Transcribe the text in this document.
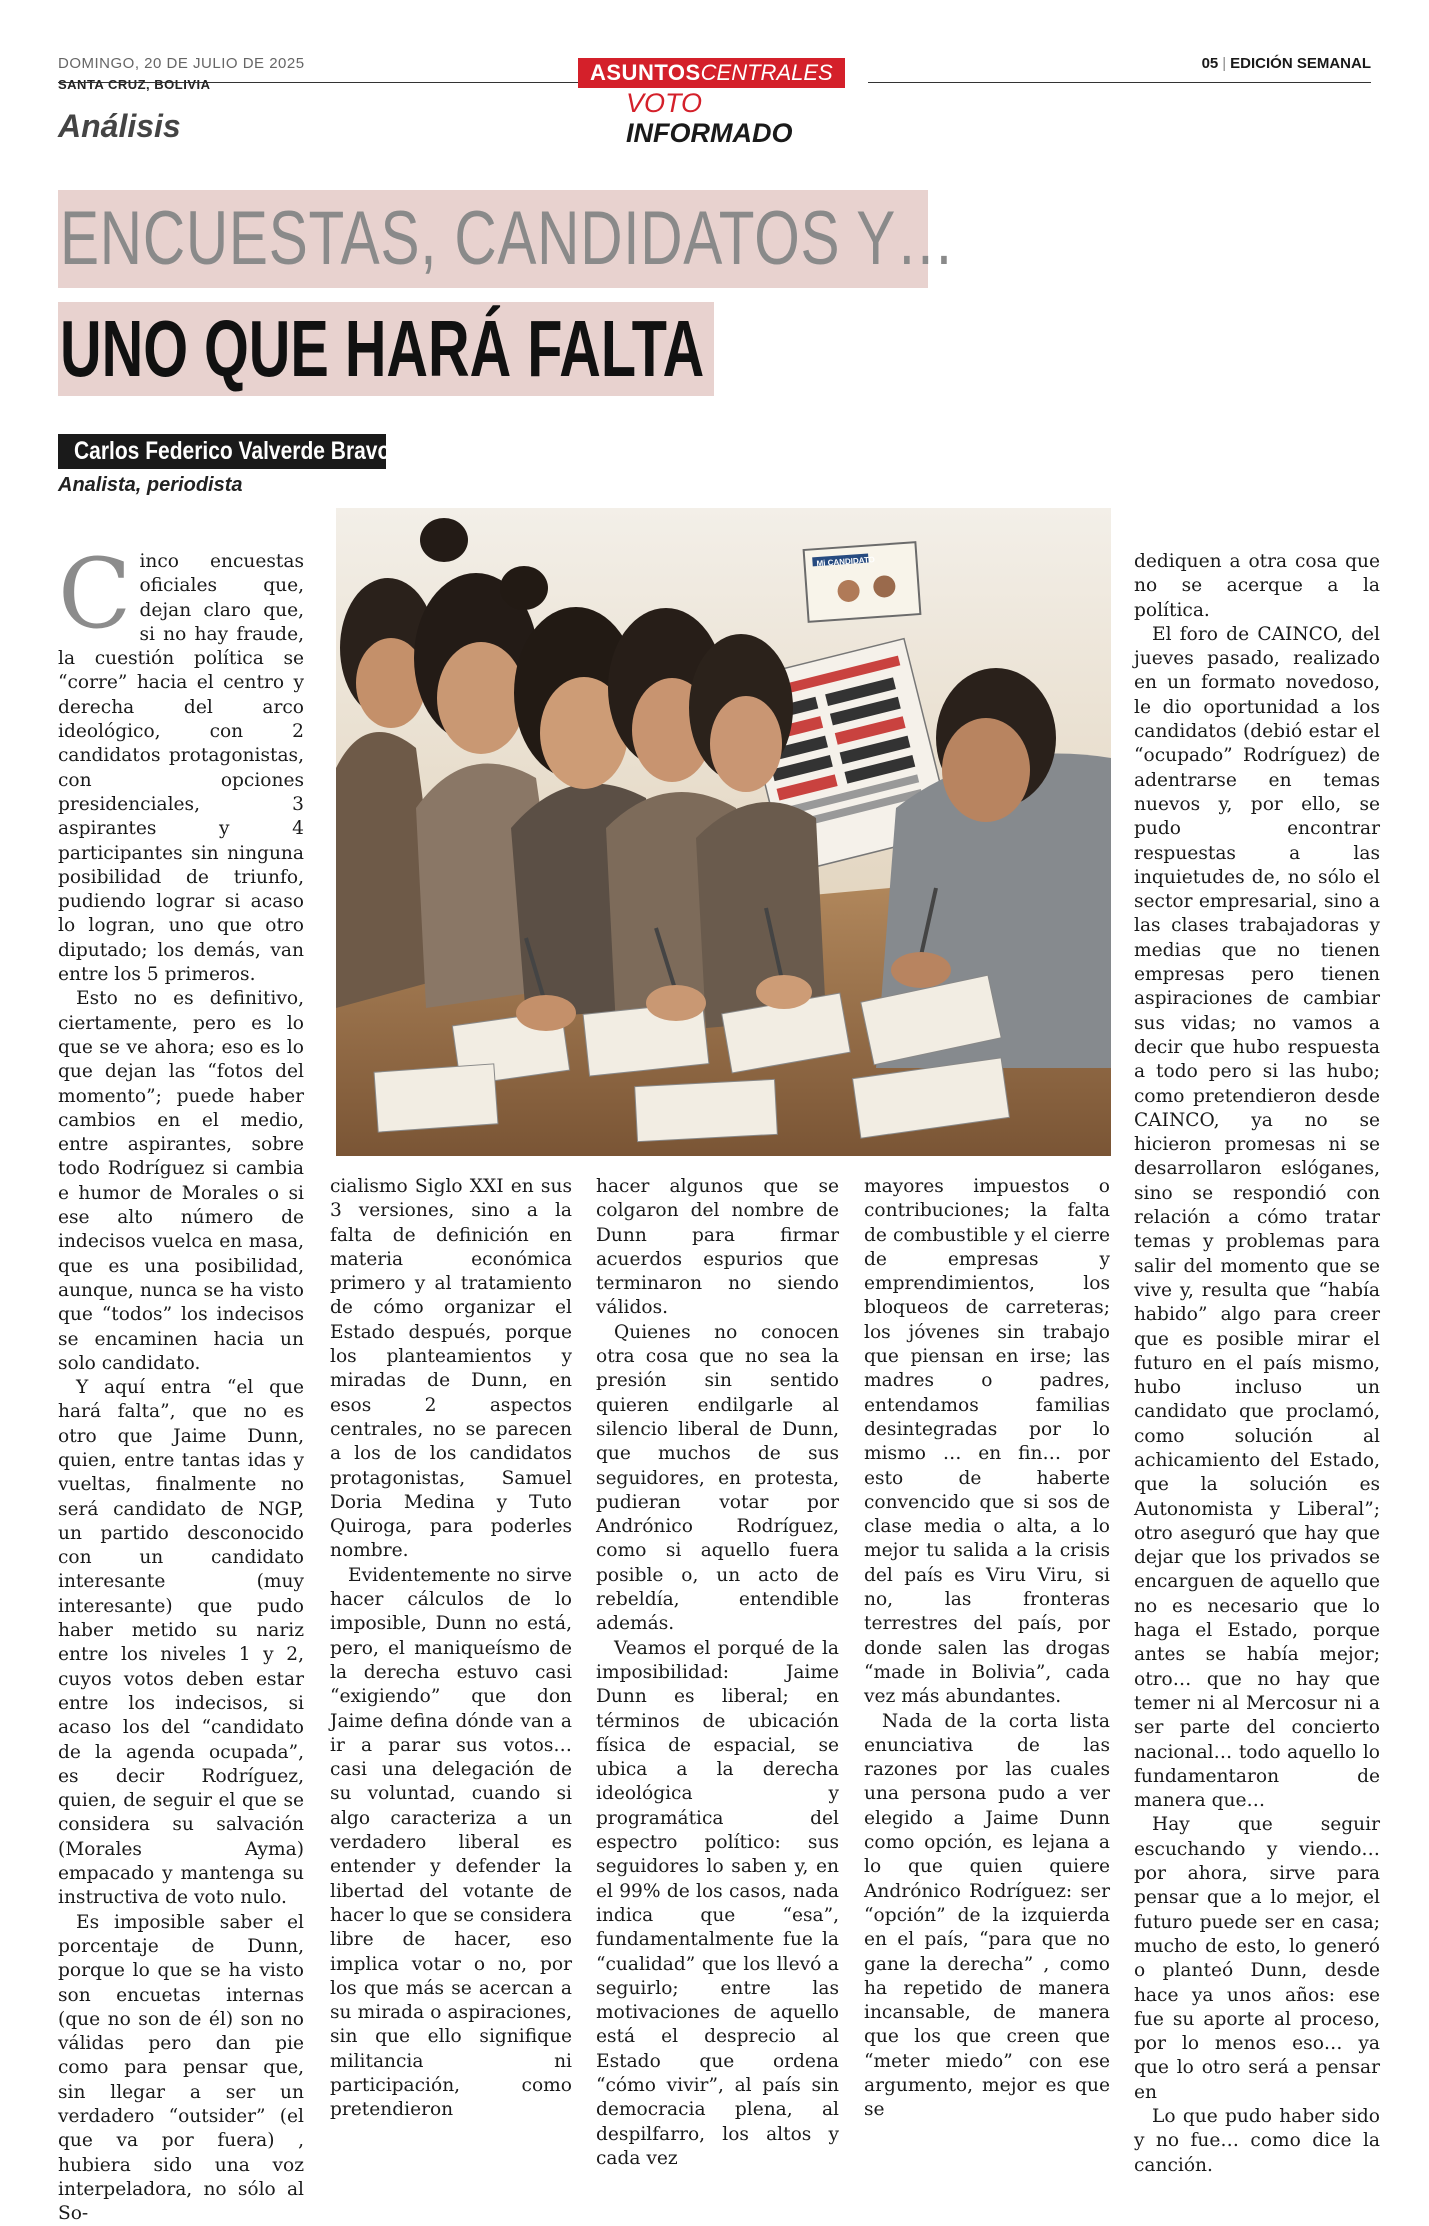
DOMINGO, 20 DE JULIO DE 2025
SANTA CRUZ, BOLIVIA	ASUNTOSCENTRALES
VOTO INFORMADO
05 | EDICIÓN SEMANAL
Análisis
ENCUESTAS, CANDIDATOS Y…
UNO QUE HARÁ FALTA
Carlos Federico Valverde Bravo
Analista, periodista
Mi CANDIDATO

Cinco encuestas oficiales que, dejan claro que, si no hay fraude, la cuestión política se “corre” hacia el centro y derecha del arco ideológico, con 2 candidatos protagonistas, con opciones presidenciales, 3 aspirantes y 4 participantes sin ninguna posibilidad de triunfo, pudiendo lograr si acaso lo logran, uno que otro diputado; los demás, van entre los 5 primeros.

Esto no es definitivo, ciertamente, pero es lo que se ve ahora; eso es lo que dejan las “fotos del momento”; puede haber cambios en el medio, entre aspirantes, sobre todo Rodríguez si cambia e humor de Morales o si ese alto número de indecisos vuelca en masa, que es una posibilidad, aunque, nunca se ha visto que “todos” los indecisos se encaminen hacia un solo candidato.

Y aquí entra “el que hará falta”, que no es otro que Jaime Dunn, quien, entre tantas idas y vueltas, finalmente no será candidato de NGP, un partido desconocido con un candidato interesante (muy interesante) que pudo haber metido su nariz entre los niveles 1 y 2, cuyos votos deben estar entre los indecisos, si acaso los del “candidato de la agenda ocupada”, es decir Rodríguez, quien, de seguir el que se considera su salvación (Morales Ayma) empacado y mantenga su instructiva de voto nulo.

Es imposible saber el porcentaje de Dunn, porque lo que se ha visto son encuetas internas (que no son de él) son no válidas pero dan pie como para pensar que, sin llegar a ser un verdadero “outsider” (el que va por fuera) , hubiera sido una voz interpeladora, no sólo al So-

cialismo Siglo XXI en sus 3 versiones, sino a la falta de definición en materia económica primero y al tratamiento de cómo organizar el Estado después, porque los planteamientos y miradas de Dunn, en esos 2 aspectos centrales, no se parecen a los de los candidatos protagonistas, Samuel Doria Medina y Tuto Quiroga, para poderles nombre.

Evidentemente no sirve hacer cálculos de lo imposible, Dunn no está, pero, el maniqueísmo de la derecha estuvo casi “exigiendo” que don Jaime defina dónde van a ir a parar sus votos… casi una delegación de su voluntad, cuando si algo caracteriza a un verdadero liberal es entender y defender la libertad del votante de hacer lo que se considera libre de hacer, eso implica votar o no, por los que más se acercan a su mirada o aspiraciones, sin que ello signifique militancia ni participación, como pretendieron

hacer algunos que se colgaron del nombre de Dunn para firmar acuerdos espurios que terminaron no siendo válidos.

Quienes no conocen otra cosa que no sea la presión sin sentido quieren endilgarle al silencio liberal de Dunn, que muchos de sus seguidores, en protesta, pudieran votar por Andrónico Rodríguez, como si aquello fuera posible o, un acto de rebeldía, entendible además.

Veamos el porqué de la imposibilidad: Jaime Dunn es liberal; en términos de ubicación física de espacial, se ubica a la derecha ideológica y programática del espectro político: sus seguidores lo saben y, en el 99% de los casos, nada indica que “esa”, fundamentalmente fue la “cualidad” que los llevó a seguirlo; entre las motivaciones de aquello está el desprecio al Estado que ordena “cómo vivir”, al país sin democracia plena, al despilfarro, los altos y cada vez

mayores impuestos o contribuciones; la falta de combustible y el cierre de empresas y emprendimientos, los bloqueos de carreteras; los jóvenes sin trabajo que piensan en irse; las madres o padres, entendamos familias desintegradas por lo mismo … en fin… por esto de haberte convencido que si sos de clase media o alta, a lo mejor tu salida a la crisis del país es Viru Viru, si no, las fronteras terrestres del país, por donde salen las drogas “made in Bolivia”, cada vez más abundantes.

Nada de la corta lista enunciativa de las razones por las cuales una persona pudo a ver elegido a Jaime Dunn como opción, es lejana a lo que quien quiere Andrónico Rodríguez: ser “opción” de la izquierda en el país, “para que no gane la derecha” , como ha repetido de manera incansable, de manera que los que creen que “meter miedo” con ese argumento, mejor es que se

dediquen a otra cosa que no se acerque a la política.

El foro de CAINCO, del jueves pasado, realizado en un formato novedoso, le dio oportunidad a los candidatos (debió estar el “ocupado” Rodríguez) de adentrarse en temas nuevos y, por ello, se pudo encontrar respuestas a las inquietudes de, no sólo el sector empresarial, sino a las clases trabajadoras y medias que no tienen empresas pero tienen aspiraciones de cambiar sus vidas; no vamos a decir que hubo respuesta a todo pero si las hubo; como pretendieron desde CAINCO, ya no se hicieron promesas ni se desarrollaron eslóganes, sino se respondió con relación a cómo tratar temas y problemas para salir del momento que se vive y, resulta que “había habido” algo para creer que es posible mirar el futuro en el país mismo, hubo incluso un candidato que proclamó, como solución al achicamiento del Estado, que la solución es Autonomista y Liberal”; otro aseguró que hay que dejar que los privados se encarguen de aquello que no es necesario que lo haga el Estado, porque antes se había mejor; otro… que no hay que temer ni al Mercosur ni a ser parte del concierto nacional… todo aquello lo fundamentaron de manera que…

Hay que seguir escuchando y viendo… por ahora, sirve para pensar que a lo mejor, el futuro puede ser en casa; mucho de esto, lo generó o planteó Dunn, desde hace ya unos años: ese fue su aporte al proceso, por lo menos eso… ya que lo otro será a pensar en

Lo que pudo haber sido y no fue… como dice la canción.
